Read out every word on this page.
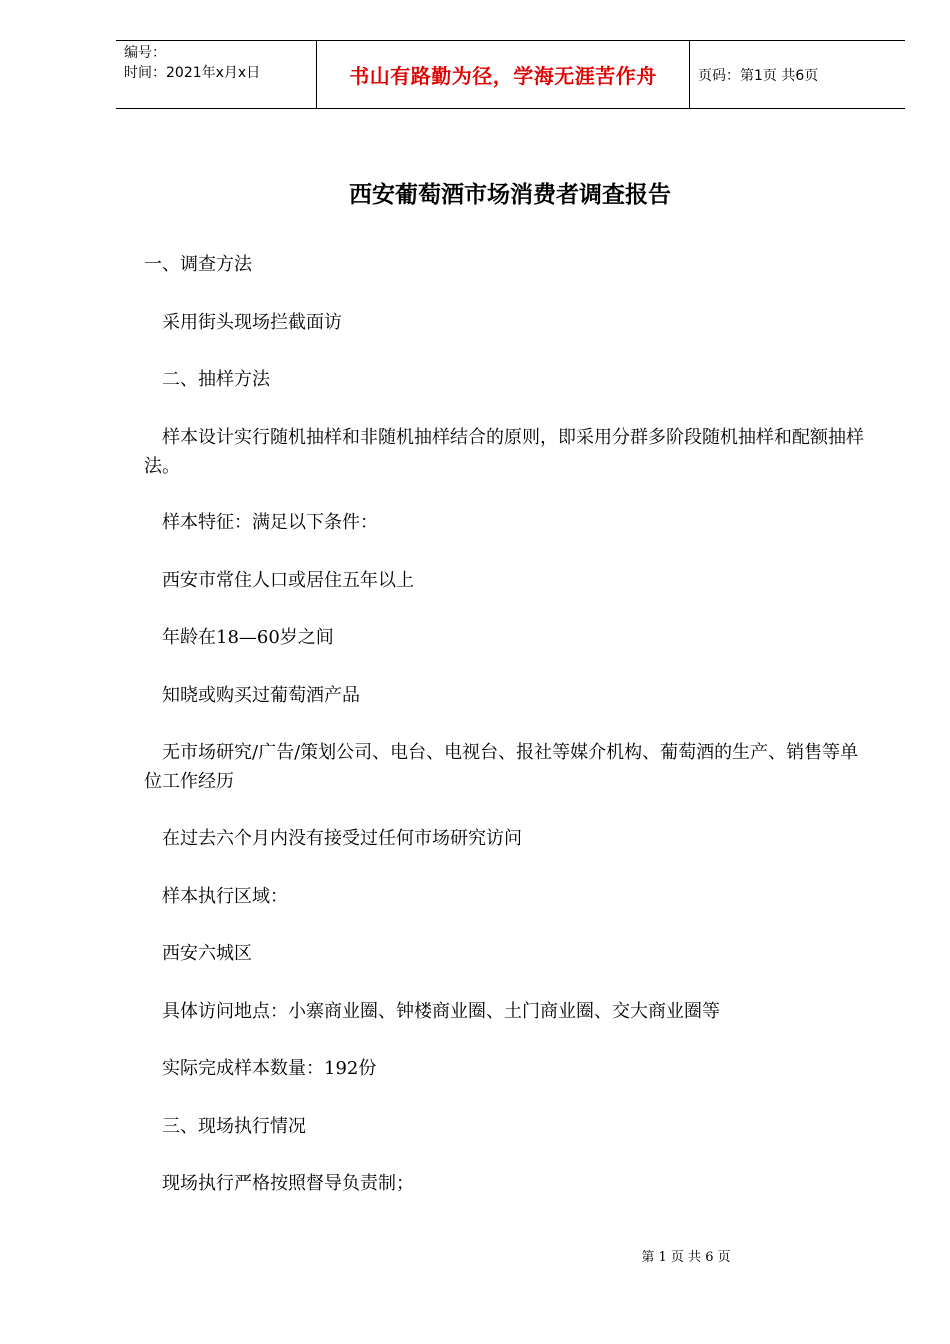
编号：
时间：2021年x月x日	书山有路勤为径，学海无涯苦作舟	页码：第1页 共6页
西安葡萄酒市场消费者调查报告
一、调查方法
　采用街头现场拦截面访
　二、抽样方法
　样本设计实行随机抽样和非随机抽样结合的原则，即采用分群多阶段随机抽样和配额抽样法。
　样本特征：满足以下条件：
　西安市常住人口或居住五年以上
　年龄在18—60岁之间
　知晓或购买过葡萄酒产品
　无市场研究/广告/策划公司、电台、电视台、报社等媒介机构、葡萄酒的生产、销售等单位工作经历
　在过去六个月内没有接受过任何市场研究访问
　样本执行区域：
　西安六城区
　具体访问地点：小寨商业圈、钟楼商业圈、土门商业圈、交大商业圈等
　实际完成样本数量：192份
　三、现场执行情况
　现场执行严格按照督导负责制；
第 1 页 共 6 页
